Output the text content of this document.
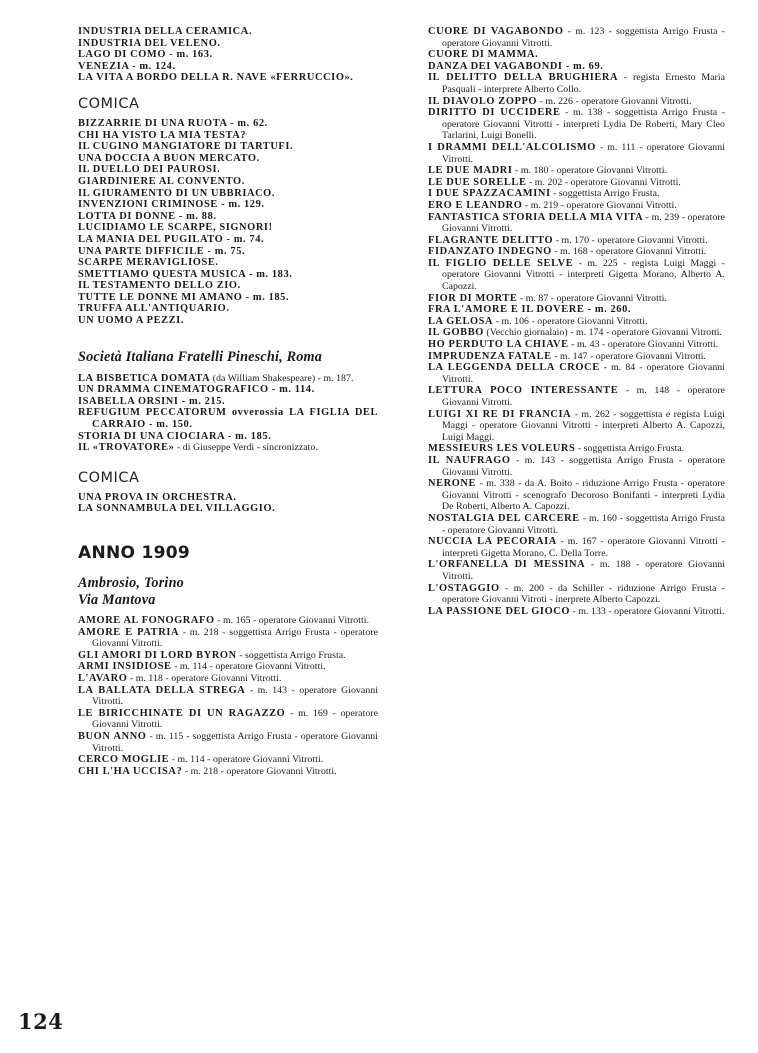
INDUSTRIA DELLA CERAMICA.

INDUSTRIA DEL VELENO.

LAGO DI COMO - m. 163.

VENEZIA - m. 124.

LA VITA A BORDO DELLA R. NAVE «FERRUCCIO».

COMICA

BIZZARRIE DI UNA RUOTA - m. 62.

CHI HA VISTO LA MIA TESTA?

IL CUGINO MANGIATORE DI TARTUFI.

UNA DOCCIA A BUON MERCATO.

IL DUELLO DEI PAUROSI.

GIARDINIERE AL CONVENTO.

IL GIURAMENTO DI UN UBBRIACO.

INVENZIONI CRIMINOSE - m. 129.

LOTTA DI DONNE - m. 88.

LUCIDIAMO LE SCARPE, SIGNORI!

LA MANIA DEL PUGILATO - m. 74.

UNA PARTE DIFFICILE - m. 75.

SCARPE MERAVIGLIOSE.

SMETTIAMO QUESTA MUSICA - m. 183.

IL TESTAMENTO DELLO ZIO.

TUTTE LE DONNE MI AMANO - m. 185.

TRUFFA ALL'ANTIQUARIO.

UN UOMO A PEZZI.

Società Italiana Fratelli Pineschi, Roma

LA BISBETICA DOMATA (da William Shakespeare) - m. 187.

UN DRAMMA CINEMATOGRAFICO - m. 114.

ISABELLA ORSINI - m. 215.

REFUGIUM PECCATORUM ovverossia LA FIGLIA DEL CARRAIO - m. 150.

STORIA DI UNA CIOCIARA - m. 185.

IL «TROVATORE» - di Giuseppe Verdi - sincronizzato.

COMICA

UNA PROVA IN ORCHESTRA.

LA SONNAMBULA DEL VILLAGGIO.

ANNO 1909

Ambrosio, Torino

Via Mantova

AMORE AL FONOGRAFO - m. 165 - operatore Giovanni Vitrotti.

AMORE E PATRIA - m. 218 - soggettista Arrigo Frusta - operatore Giovanni Vitrotti.

GLI AMORI DI LORD BYRON - soggettista Arrigo Frusta.

ARMI INSIDIOSE - m. 114 - operatore Giovanni Vitrotti.

L'AVARO - m. 118 - operatore Giovanni Vitrotti.

LA BALLATA DELLA STREGA - m. 143 - operatore Giovanni Vitrotti.

LE BIRICCHINATE DI UN RAGAZZO - m. 169 - operatore Giovanni Vitrotti.

BUON ANNO - m. 115 - soggettista Arrigo Frusta - operatore Giovanni Vitrotti.

CERCO MOGLIE - m. 114 - operatore Giovanni Vitrotti.

CHI L'HA UCCISA? - m. 218 - operatore Giovanni Vitrotti.

CUORE DI VAGABONDO - m. 123 - soggettista Arrigo Frusta - operatore Giovanni Vitrotti.

CUORE DI MAMMA.

DANZA DEI VAGABONDI - m. 69.

IL DELITTO DELLA BRUGHIERA - regista Ernesto Maria Pasquali - interprete Alberto Collo.

IL DIAVOLO ZOPPO - m. 226 - operatore Giovanni Vitrotti.

DIRITTO DI UCCIDERE - m. 138 - soggettista Arrigo Frusta - operatore Giovanni Vitrotti - interpreti Lydia De Roberti, Mary Cleo Tarlarini, Luigi Bonelli.

I DRAMMI DELL'ALCOLISMO - m. 111 - operatore Giovanni Vitrotti.

LE DUE MADRI - m. 180 - operatore Giovanni Vitrotti.

LE DUE SORELLE - m. 202 - operatore Giovanni Vitrotti.

I DUE SPAZZACAMINI - soggettista Arrigo Frusta.

ERO E LEANDRO - m. 219 - operatore Giovanni Vitrotti.

FANTASTICA STORIA DELLA MIA VITA - m. 239 - operatore Giovanni Vitrotti.

FLAGRANTE DELITTO - m. 170 - operatore Giovanni Vitrotti.

FIDANZATO INDEGNO - m. 168 - operatore Giovanni Vitrotti.

IL FIGLIO DELLE SELVE - m. 225 - regista Luigi Maggi - operatore Giovanni Vitrotti - interpreti Gigetta Morano, Alberto A. Capozzi.

FIOR DI MORTE - m. 87 - operatore Giovanni Vitrotti.

FRA L'AMORE E IL DOVERE - m. 260.

LA GELOSA - m. 106 - operatore Giovanni Vitrotti.

IL GOBBO (Vecchio giornalaio) - m. 174 - operatore Giovanni Vitrotti.

HO PERDUTO LA CHIAVE - m. 43 - operatore Giovanni Vitrotti.

IMPRUDENZA FATALE - m. 147 - operatore Giovanni Vitrotti.

LA LEGGENDA DELLA CROCE - m. 84 - operatore Giovanni Vitrotti.

LETTURA POCO INTERESSANTE - m. 148 - operatore Giovanni Vitrotti.

LUIGI XI RE DI FRANCIA - m. 262 - soggettista e regista Luigi Maggi - operatore Giovanni Vitrotti - interpreti Alberto A. Capozzi, Luigi Maggi.

MESSIEURS LES VOLEURS - soggettista Arrigo Frusta.

IL NAUFRAGO - m. 143 - soggettista Arrigo Frusta - operatore Giovanni Vitrotti.

NERONE - m. 338 - da A. Boito - riduzione Arrigo Frusta - operatore Giovanni Vitrotti - scenografo Decoroso Bonifanti - interpreti Lydia De Roberti, Alberto A. Capozzi.

NOSTALGIA DEL CARCERE - m. 160 - soggettista Arrigo Frusta - operatore Giovanni Vitrotti.

NUCCIA LA PECORAIA - m. 167 - operatore Giovanni Vitrotti - interpreti Gigetta Morano, C. Della Torre.

L'ORFANELLA DI MESSINA - m. 188 - operatore Giovanni Vitrotti.

L'OSTAGGIO - m. 200 - da Schiller - riduzione Arrigo Frusta - operatore Giovanni Vitroti - inerprete Alberto Capozzi.

LA PASSIONE DEL GIOCO - m. 133 - operatore Giovanni Vitrotti.

124
